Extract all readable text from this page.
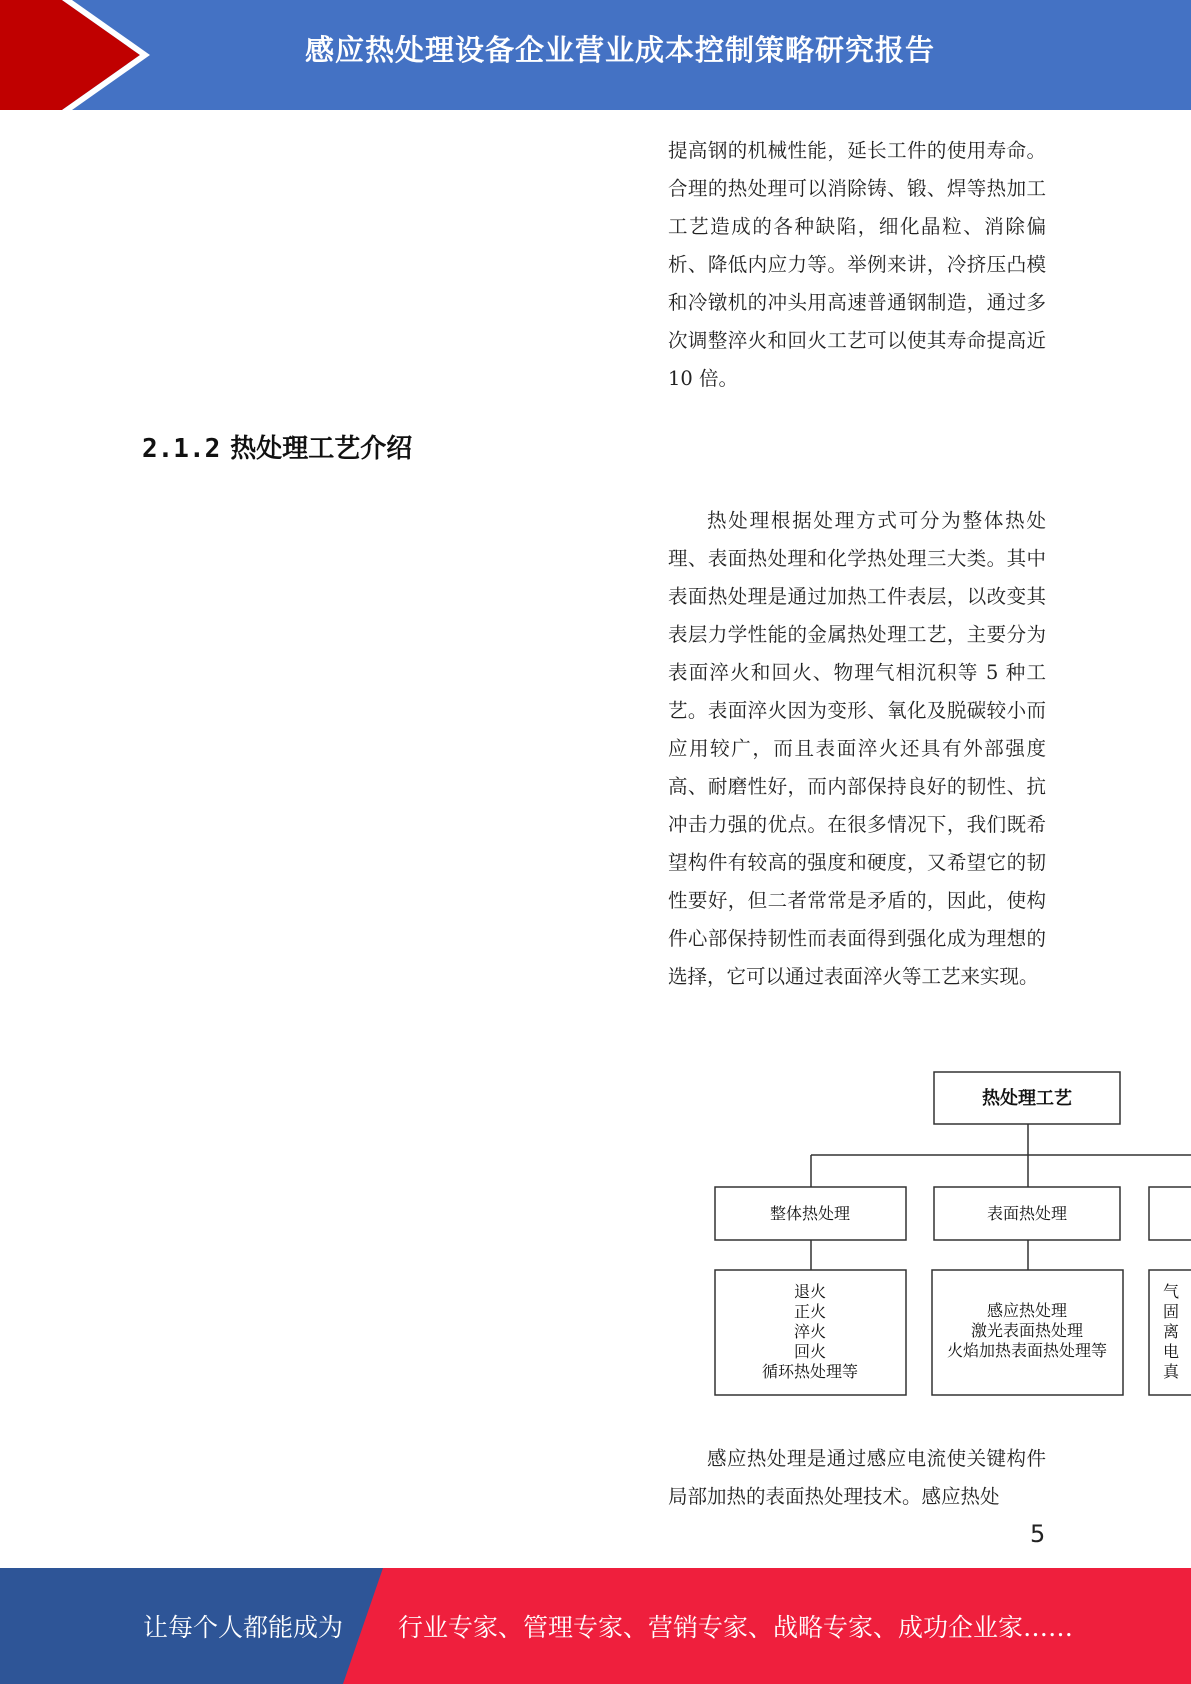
感应热处理设备企业营业成本控制策略研究报告

提高钢的机械性能，延长工件的使用寿命。合理的热处理可以消除铸、锻、焊等热加工工艺造成的各种缺陷，细化晶粒、消除偏析、降低内应力等。举例来讲，冷挤压凸模和冷镦机的冲头用高速普通钢制造，通过多次调整淬火和回火工艺可以使其寿命提高近 10 倍。

2.1.2 热处理工艺介绍

热处理根据处理方式可分为整体热处理、表面热处理和化学热处理三大类。其中表面热处理是通过加热工件表层，以改变其表层力学性能的金属热处理工艺，主要分为表面淬火和回火、物理气相沉积等 5 种工艺。表面淬火因为变形、氧化及脱碳较小而应用较广，而且表面淬火还具有外部强度高、耐磨性好，而内部保持良好的韧性、抗冲击力强的优点。在很多情况下，我们既希望构件有较高的强度和硬度，又希望它的韧性要好，但二者常常是矛盾的，因此，使构件心部保持韧性而表面得到强化成为理想的选择，它可以通过表面淬火等工艺来实现。

热处理工艺
整体热处理	表面热处理
退火
正火
淬火
回火
循环热处理等
感应热处理
激光表面热处理
火焰加热表面热处理等
气
固
离
电
真

感应热处理是通过感应电流使关键构件局部加热的表面热处理技术。感应热处

5
让每个人都能成为 行业专家、管理专家、营销专家、战略专家、成功企业家……
